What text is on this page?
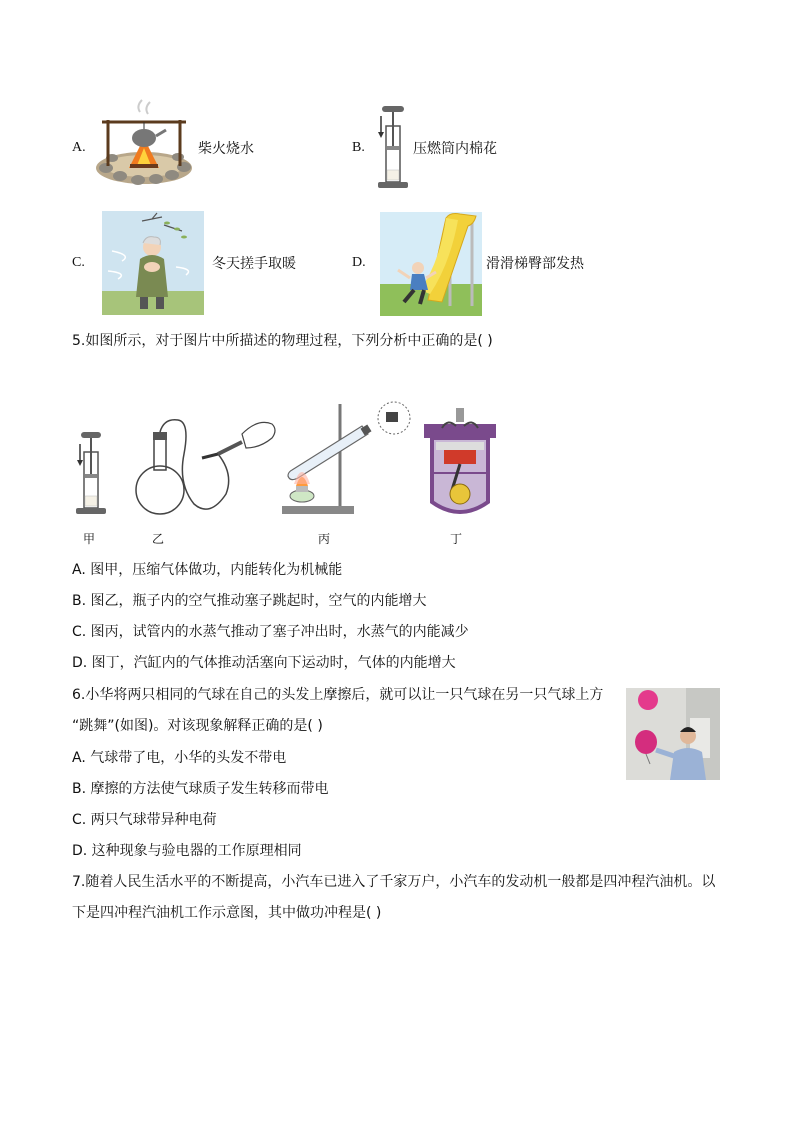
A.	柴火烧水	B.	压燃筒内棉花
C.	冬天搓手取暖	D.	滑滑梯臀部发热
5.如图所示，对于图片中所描述的物理过程，下列分析中正确的是( )
甲	乙	丙	丁
A. 图甲，压缩气体做功，内能转化为机械能
B. 图乙，瓶子内的空气推动塞子跳起时，空气的内能增大
C. 图丙，试管内的水蒸气推动了塞子冲出时，水蒸气的内能减少
D. 图丁，汽缸内的气体推动活塞向下运动时，气体的内能增大
6.小华将两只相同的气球在自己的头发上摩擦后，就可以让一只气球在另一只气球上方
“跳舞”(如图)。对该现象解释正确的是( )
A. 气球带了电，小华的头发不带电
B. 摩擦的方法使气球质子发生转移而带电
C. 两只气球带异种电荷
D. 这种现象与验电器的工作原理相同
7.随着人民生活水平的不断提高，小汽车已进入了千家万户，小汽车的发动机一般都是四冲程汽油机。以
下是四冲程汽油机工作示意图，其中做功冲程是( )
